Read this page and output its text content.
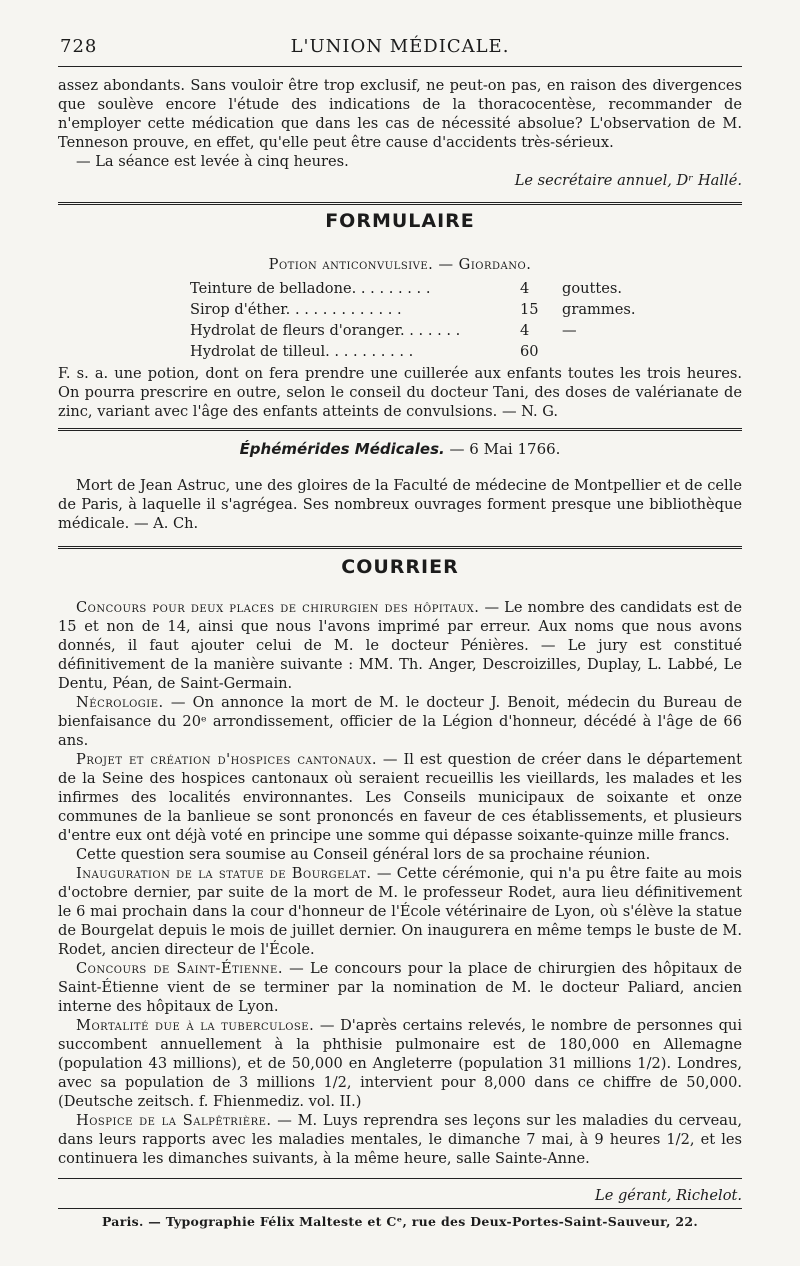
728	L'UNION MÉDICALE.

assez abondants. Sans vouloir être trop exclusif, ne peut-on pas, en raison des divergences que soulève encore l'étude des indications de la thoracocentèse, recommander de n'employer cette médication que dans les cas de nécessité absolue? L'observation de M. Tenneson prouve, en effet, qu'elle peut être cause d'accidents très-sérieux.

— La séance est levée à cinq heures.

Le secrétaire annuel, Dʳ Hallé.

FORMULAIRE
Potion anticonvulsive. — Giordano.
Teinture de belladone. . . . . . . . .	4 gouttes.
Sirop d'éther. . . . . . . . . . . . .	15 grammes.
Hydrolat de fleurs d'oranger. . . . . . .	4 —
Hydrolat de tilleul. . . . . . . . . .	60

F. s. a. une potion, dont on fera prendre une cuillerée aux enfants toutes les trois heures. On pourra prescrire en outre, selon le conseil du docteur Tani, des doses de valérianate de zinc, variant avec l'âge des enfants atteints de convulsions. — N. G.

Éphémérides Médicales. — 6 Mai 1766.

Mort de Jean Astruc, une des gloires de la Faculté de médecine de Montpellier et de celle de Paris, à laquelle il s'agrégea. Ses nombreux ouvrages forment presque une bibliothèque médicale. — A. Ch.

COURRIER

Concours pour deux places de chirurgien des hôpitaux. — Le nombre des candidats est de 15 et non de 14, ainsi que nous l'avons imprimé par erreur. Aux noms que nous avons donnés, il faut ajouter celui de M. le docteur Pénières. — Le jury est constitué définitivement de la manière suivante : MM. Th. Anger, Descroizilles, Duplay, L. Labbé, Le Dentu, Péan, de Saint-Germain.

Nécrologie. — On annonce la mort de M. le docteur J. Benoit, médecin du Bureau de bienfaisance du 20ᵉ arrondissement, officier de la Légion d'honneur, décédé à l'âge de 66 ans.

Projet et création d'hospices cantonaux. — Il est question de créer dans le département de la Seine des hospices cantonaux où seraient recueillis les vieillards, les malades et les infirmes des localités environnantes. Les Conseils municipaux de soixante et onze communes de la banlieue se sont prononcés en faveur de ces établissements, et plusieurs d'entre eux ont déjà voté en principe une somme qui dépasse soixante-quinze mille francs.

Cette question sera soumise au Conseil général lors de sa prochaine réunion.

Inauguration de la statue de Bourgelat. — Cette cérémonie, qui n'a pu être faite au mois d'octobre dernier, par suite de la mort de M. le professeur Rodet, aura lieu définitivement le 6 mai prochain dans la cour d'honneur de l'École vétérinaire de Lyon, où s'élève la statue de Bourgelat depuis le mois de juillet dernier. On inaugurera en même temps le buste de M. Rodet, ancien directeur de l'École.

Concours de Saint-Étienne. — Le concours pour la place de chirurgien des hôpitaux de Saint-Étienne vient de se terminer par la nomination de M. le docteur Paliard, ancien interne des hôpitaux de Lyon.

Mortalité due à la tuberculose. — D'après certains relevés, le nombre de personnes qui succombent annuellement à la phthisie pulmonaire est de 180,000 en Allemagne (population 43 millions), et de 50,000 en Angleterre (population 31 millions 1/2). Londres, avec sa population de 3 millions 1/2, intervient pour 8,000 dans ce chiffre de 50,000. (Deutsche zeitsch. f. Fhienmediz. vol. II.)

Hospice de la Salpêtrière. — M. Luys reprendra ses leçons sur les maladies du cerveau, dans leurs rapports avec les maladies mentales, le dimanche 7 mai, à 9 heures 1/2, et les continuera les dimanches suivants, à la même heure, salle Sainte-Anne.

Le gérant, Richelot.
Paris. — Typographie Félix Malteste et Cᵉ, rue des Deux-Portes-Saint-Sauveur, 22.
